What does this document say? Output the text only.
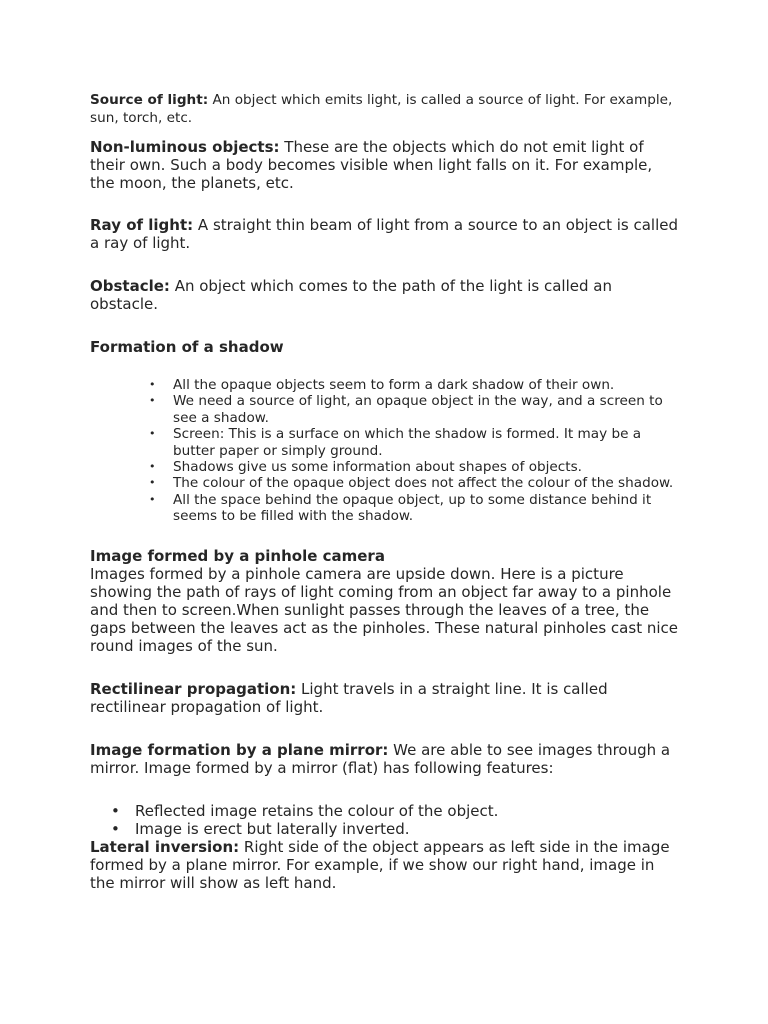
Source of light: An object which emits light, is called a source of light. For example, sun, torch, etc.

Non-luminous objects: These are the objects which do not emit light of their own. Such a body becomes visible when light falls on it. For example, the moon, the planets, etc.

Ray of light: A straight thin beam of light from a source to an object is called a ray of light.

Obstacle: An object which comes to the path of the light is called an obstacle.

Formation of a shadow

• All the opaque objects seem to form a dark shadow of their own.
• We need a source of light, an opaque object in the way, and a screen to see a shadow.
• Screen: This is a surface on which the shadow is formed. It may be a butter paper or simply ground.
• Shadows give us some information about shapes of objects.
• The colour of the opaque object does not affect the colour of the shadow.
• All the space behind the opaque object, up to some distance behind it seems to be filled with the shadow.

Image formed by a pinhole camera
Images formed by a pinhole camera are upside down. Here is a picture showing the path of rays of light coming from an object far away to a pinhole and then to screen.When sunlight passes through the leaves of a tree, the gaps between the leaves act as the pinholes. These natural pinholes cast nice round images of the sun.

Rectilinear propagation: Light travels in a straight line. It is called rectilinear propagation of light.

Image formation by a plane mirror: We are able to see images through a mirror. Image formed by a mirror (flat) has following features:

• Reflected image retains the colour of the object.
• Image is erect but laterally inverted.

Lateral inversion: Right side of the object appears as left side in the image formed by a plane mirror. For example, if we show our right hand, image in the mirror will show as left hand.
